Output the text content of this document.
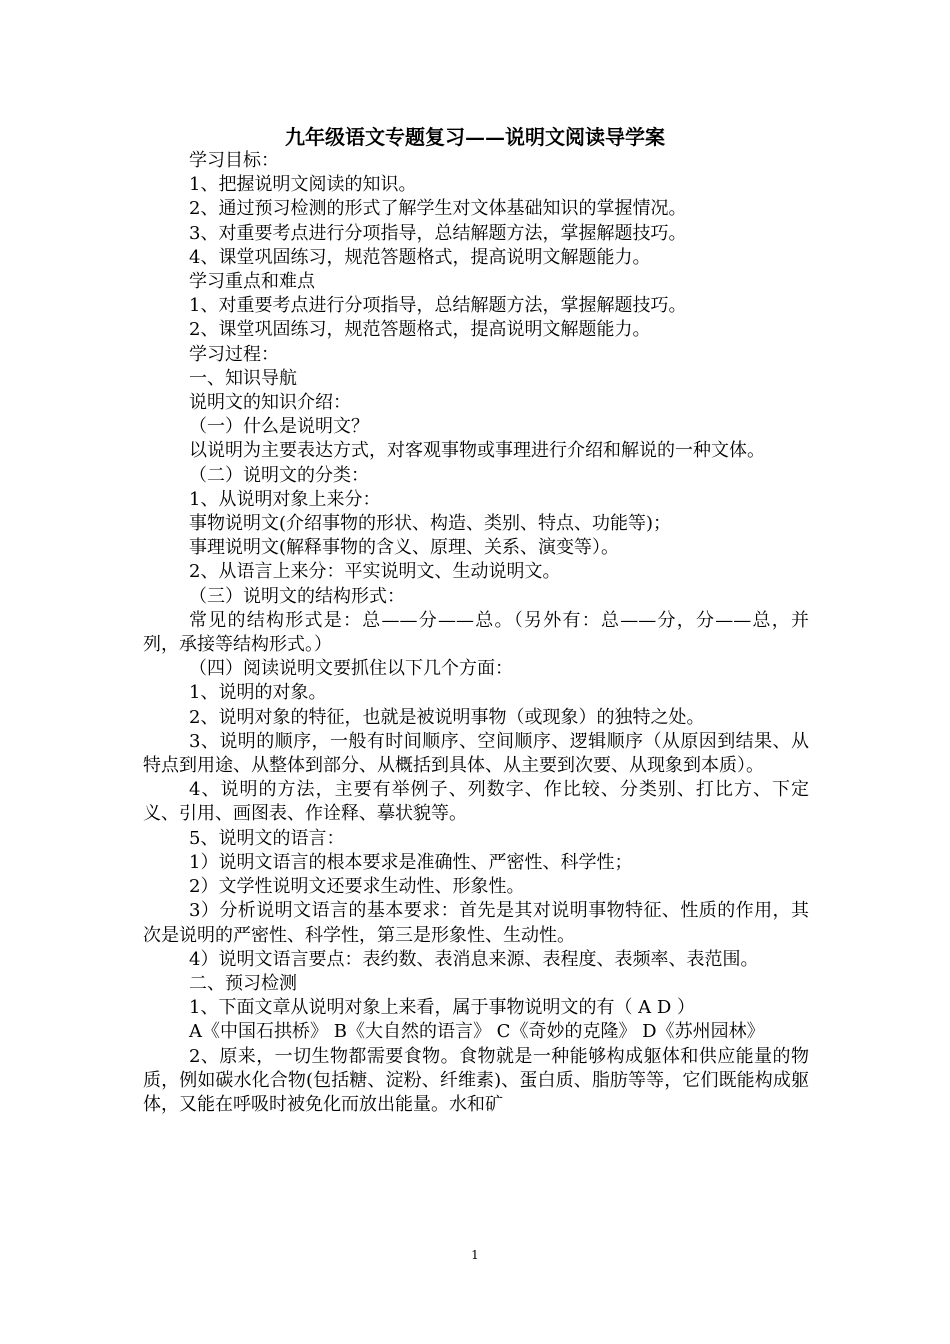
九年级语文专题复习——说明文阅读导学案

学习目标：

1、把握说明文阅读的知识。

2、通过预习检测的形式了解学生对文体基础知识的掌握情况。

3、对重要考点进行分项指导，总结解题方法，掌握解题技巧。

4、课堂巩固练习，规范答题格式，提高说明文解题能力。

学习重点和难点

1、对重要考点进行分项指导，总结解题方法，掌握解题技巧。

2、课堂巩固练习，规范答题格式，提高说明文解题能力。

学习过程：

一、知识导航

说明文的知识介绍：

（一）什么是说明文？

以说明为主要表达方式，对客观事物或事理进行介绍和解说的一种文体。

（二）说明文的分类：

1、从说明对象上来分：

事物说明文(介绍事物的形状、构造、类别、特点、功能等)；

事理说明文(解释事物的含义、原理、关系、演变等）。

2、从语言上来分：平实说明文、生动说明文。

（三）说明文的结构形式：

常见的结构形式是：总——分——总。（另外有：总——分，分——总，并列，承接等结构形式。）

（四）阅读说明文要抓住以下几个方面：

1、说明的对象。

2、说明对象的特征，也就是被说明事物（或现象）的独特之处。

3、说明的顺序，一般有时间顺序、空间顺序、逻辑顺序（从原因到结果、从特点到用途、从整体到部分、从概括到具体、从主要到次要、从现象到本质）。

4、说明的方法，主要有举例子、列数字、作比较、分类别、打比方、下定义、引用、画图表、作诠释、摹状貌等。

5、说明文的语言：

1）说明文语言的根本要求是准确性、严密性、科学性；

2）文学性说明文还要求生动性、形象性。

3）分析说明文语言的基本要求：首先是其对说明事物特征、性质的作用，其次是说明的严密性、科学性，第三是形象性、生动性。

4）说明文语言要点：表约数、表消息来源、表程度、表频率、表范围。

二、预习检测

1、下面文章从说明对象上来看，属于事物说明文的有（ A D ）

A《中国石拱桥》 B《大自然的语言》 C《奇妙的克隆》 D《苏州园林》

2、原来，一切生物都需要食物。食物就是一种能够构成躯体和供应能量的物质，例如碳水化合物(包括糖、淀粉、纤维素)、蛋白质、脂肪等等，它们既能构成躯体，又能在呼吸时被免化而放出能量。水和矿

1
